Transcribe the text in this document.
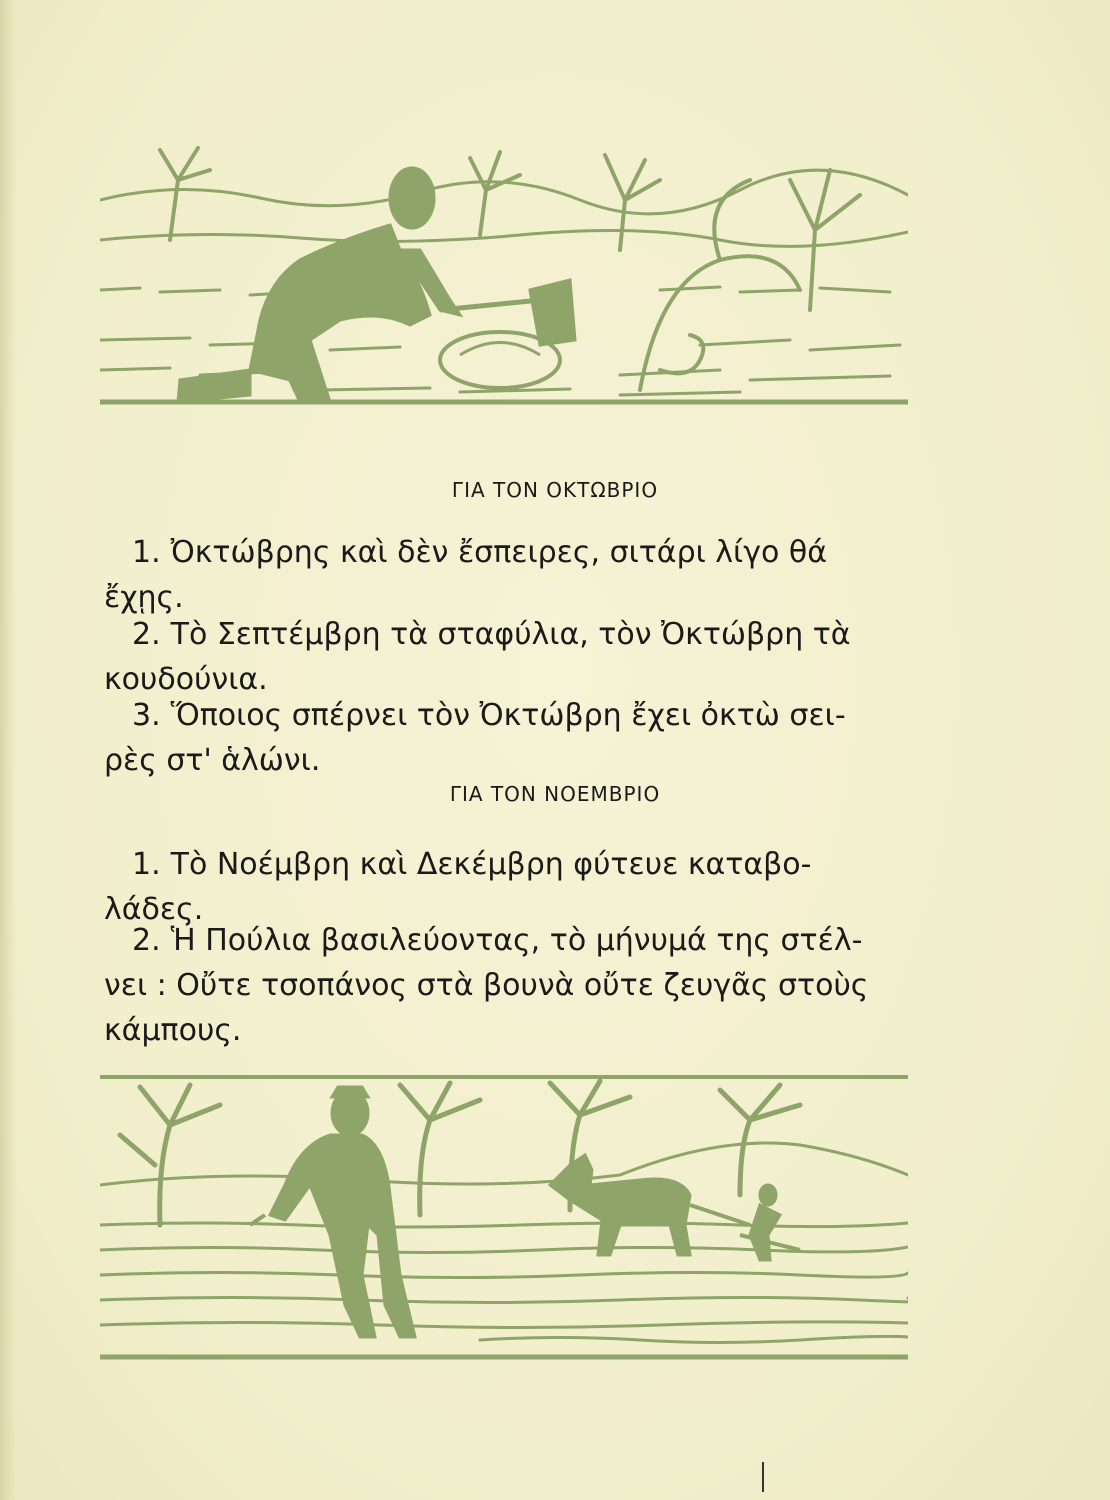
ΓΙΑ ΤΟΝ ΟΚΤΩΒΡΙΟ
1. Ὀκτώβρης καὶ δὲν ἔσπειρες, σιτάρι λίγο θά
ἔχῃς.
2. Τὸ Σεπτέμβρη τὰ σταφύλια, τὸν Ὀκτώβρη τὰ
κουδούνια.
3. Ὅποιος σπέρνει τὸν Ὀκτώβρη ἔχει ὀκτὼ σει-
ρὲς στ' ἁλώνι.
ΓΙΑ ΤΟΝ ΝΟΕΜΒΡΙΟ
1. Τὸ Νοέμβρη καὶ Δεκέμβρη φύτευε καταβο-
λάδες.
2. Ἡ Πούλια βασιλεύοντας, τὸ μήνυμά της στέλ-
νει : Οὔτε τσοπάνος στὰ βουνὰ οὔτε ζευγᾶς στοὺς
κάμπους.
